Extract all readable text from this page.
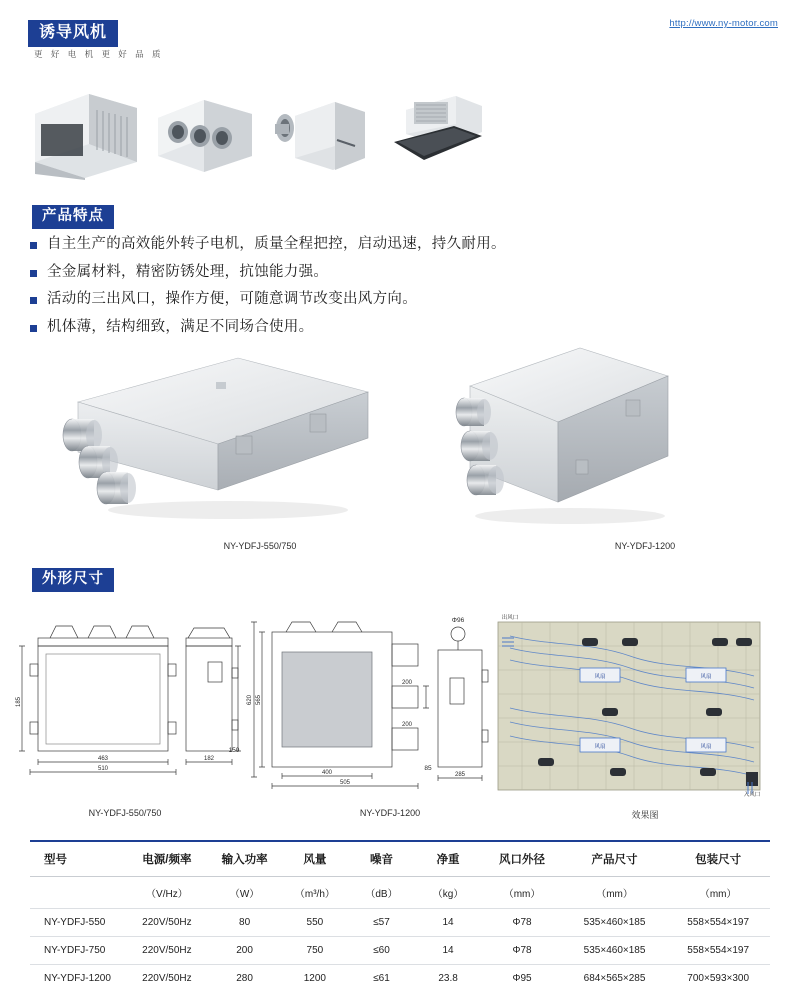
http://www.ny-motor.com
诱导风机
更 好 电 机 更 好 品 质
产品特点
自主生产的高效能外转子电机，质量全程把控，启动迅速，持久耐用。
全金属材料，精密防锈处理，抗蚀能力强。
活动的三出风口，操作方便，可随意调节改变出风方向。
机体薄，结构细致，满足不同场合使用。
NY-YDFJ-550/750	NY-YDFJ-1200
外形尺寸
463
510
182
400
505
285
200
200
185	565
620
Φ96
85
150
风扇	风扇
风扇	风扇
出风口
入风口
NY-YDFJ-550/750	NY-YDFJ-1200	效果图
型号	电源/频率	输入功率	风量	噪音	净重	风口外径	产品尺寸	包装尺寸
	（V/Hz）	（W）	（m³/h）	（dB）	（kg）	（mm）	（mm）	（mm）
NY-YDFJ-550	220V/50Hz	80	550	≤57	14	Φ78	535×460×185	558×554×197
NY-YDFJ-750	220V/50Hz	200	750	≤60	14	Φ78	535×460×185	558×554×197
NY-YDFJ-1200	220V/50Hz	280	1200	≤61	23.8	Φ95	684×565×285	700×593×300
